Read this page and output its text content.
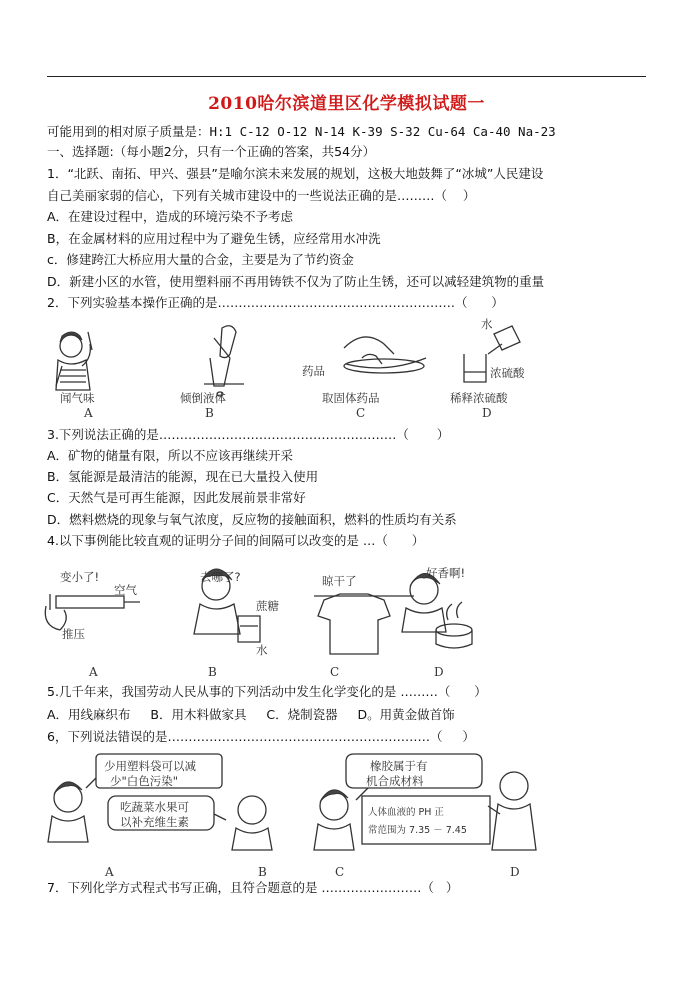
2010哈尔滨道里区化学模拟试题一
可能用到的相对原子质量是：H:1 C-12 O-12 N-14 K-39 S-32 Cu-64 Ca-40 Na-23
一、选择题:（每小题2分，只有一个正确的答案，共54分）
1．“北跃、南拓、甲兴、强县”是喻尔滨未来发展的规划，这极大地鼓舞了“冰城”人民建设
自己美丽家弱的信心，下列有关城市建设中的一些说法正确的是………（    ）
A．在建设过程中，造成的环境污染不予考虑
B，在金属材料的应用过程中为了避免生锈，应经常用水冲洗
c．修建跨江大桥应用大量的合金，主要是为了节约资金
D．新建小区的水管，使用塑料丽不再用铸铁不仅为了防止生锈，还可以减轻建筑物的重量
2．下列实验基本操作正确的是…………………………………………………（      ）
药品
水
浓硫酸
闻气味	倾倒液体	取固体药品	稀释浓硫酸
A	B	C	D
3.下列说法正确的是…………………………………………………（       ）
A．矿物的储量有限，所以不应该再继续开采
B．氢能源是最清洁的能源，现在已大量投入使用
C．天然气是可再生能源，因此发展前景非常好
D．燃料燃烧的现象与氧气浓度，反应物的接触面积，燃料的性质均有关系
4.以下事例能比较直观的证明分子间的间隔可以改变的是 …（      ）
变小了!
空气
推压
去哪了?
蔗糖
水
晾干了
好香啊!
A	B	C	D
5.几千年来，我国劳动人民从事的下列活动中发生化学变化的是 ………（      ）
A．用线麻织布     B．用木料做家具     C．烧制瓷器     D。用黄金做首饰
6，下列说法错误的是………………………………………………………（     ）
少用塑料袋可以减
少"白色污染"
吃蔬菜水果可
以补充维生素
橡胶属于有
机合成材料
人体血液的 PH 正
常范围为 7.35 － 7.45
A	B	C	D
7．下列化学方式程式书写正确，且符合题意的是 ……………………（   ）
